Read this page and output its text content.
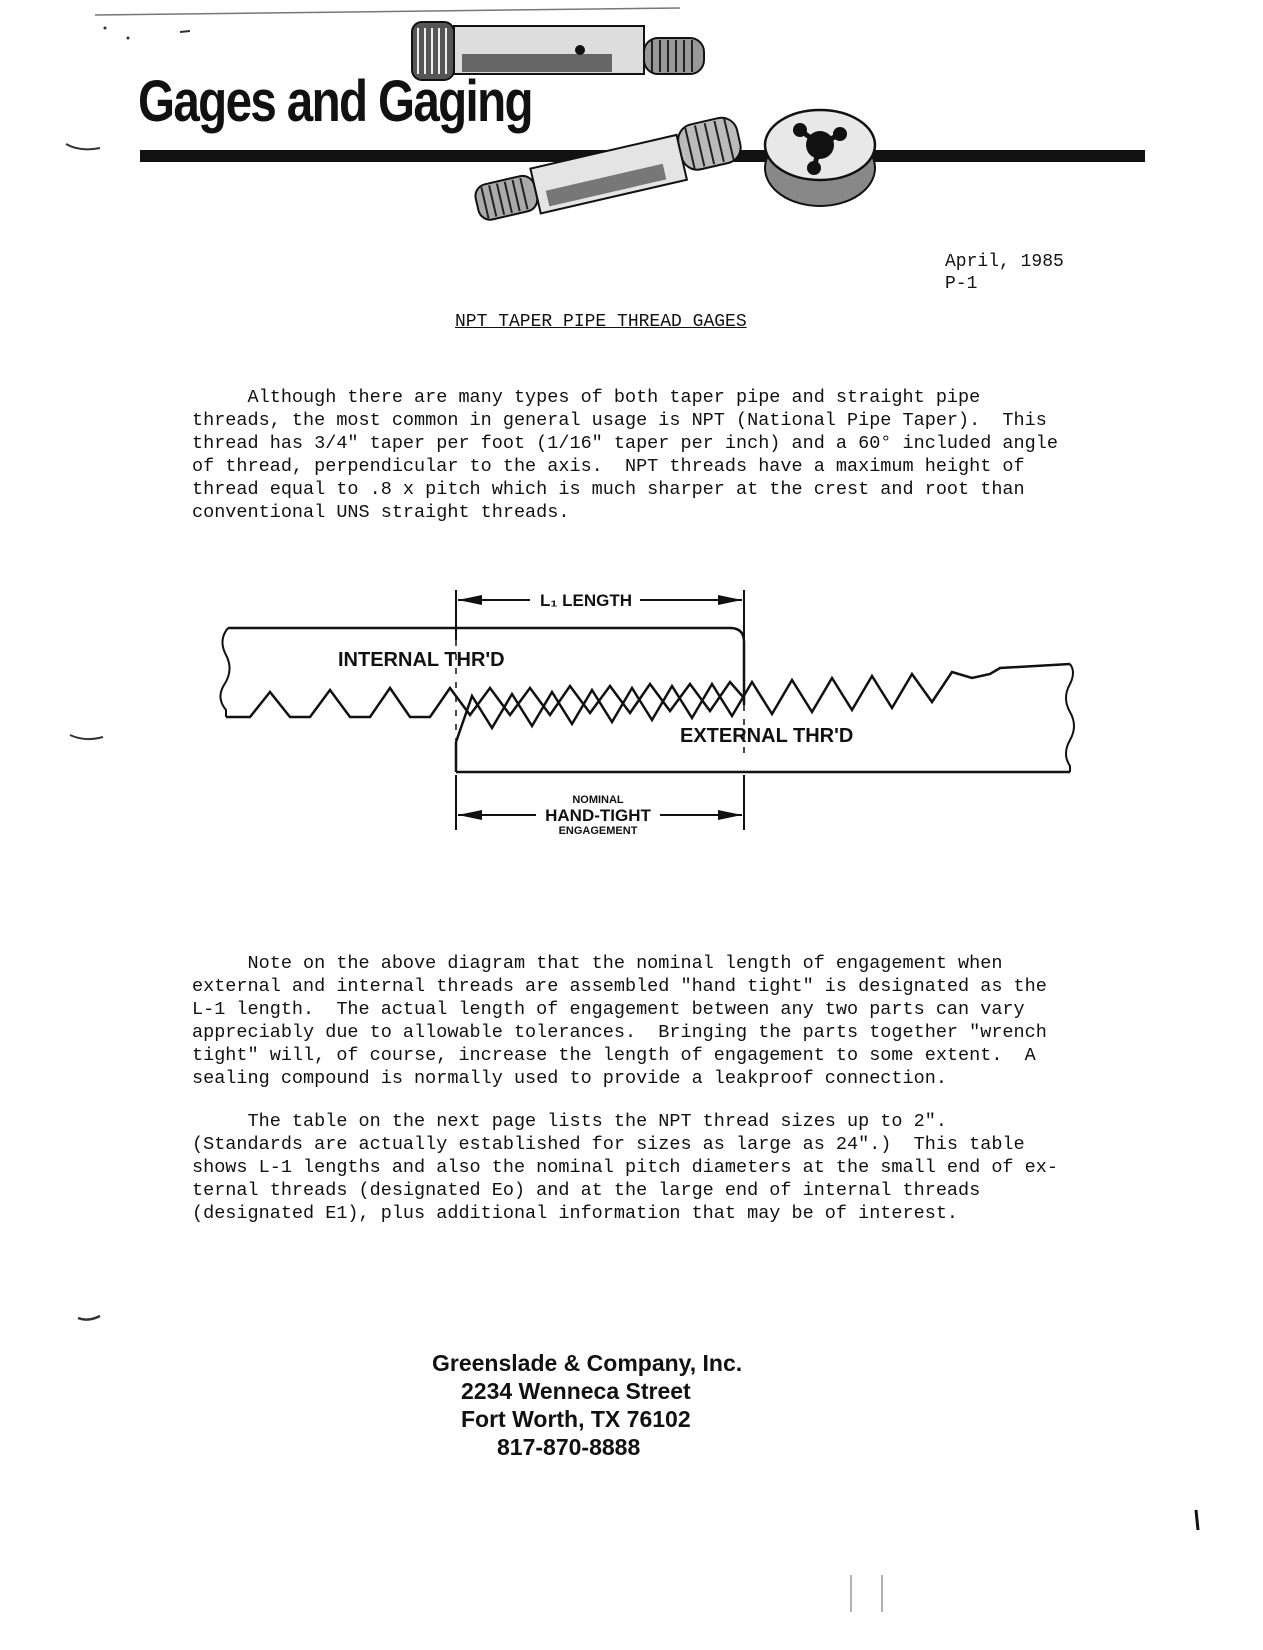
Gages and Gaging
April, 1985
P-1
NPT TAPER PIPE THREAD GAGES
Although there are many types of both taper pipe and straight pipe
threads, the most common in general usage is NPT (National Pipe Taper).  This
thread has 3/4" taper per foot (1/16" taper per inch) and a 60° included angle
of thread, perpendicular to the axis.  NPT threads have a maximum height of
thread equal to .8 x pitch which is much sharper at the crest and root than
conventional UNS straight threads.
L₁ LENGTH
INTERNAL THR'D
EXTERNAL THR'D
NOMINAL
HAND-TIGHT
ENGAGEMENT
Note on the above diagram that the nominal length of engagement when
external and internal threads are assembled "hand tight" is designated as the
L-1 length.  The actual length of engagement between any two parts can vary
appreciably due to allowable tolerances.  Bringing the parts together "wrench
tight" will, of course, increase the length of engagement to some extent.  A
sealing compound is normally used to provide a leakproof connection.
The table on the next page lists the NPT thread sizes up to 2".
(Standards are actually established for sizes as large as 24".)  This table
shows L-1 lengths and also the nominal pitch diameters at the small end of ex-
ternal threads (designated Eo) and at the large end of internal threads
(designated E1), plus additional information that may be of interest.
Greenslade & Company, Inc.
2234 Wenneca Street
Fort Worth, TX 76102
817-870-8888
